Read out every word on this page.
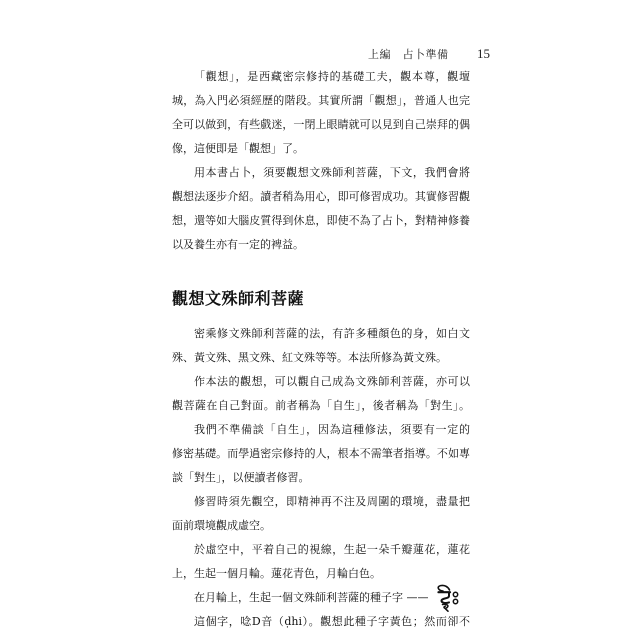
上編　占卜準備 15

「觀想」，是西藏密宗修持的基礎工夫，觀本尊，觀壇
城，為入門必須經歷的階段。其實所謂「觀想」，普通人也完
全可以做到，有些戲迷，一閉上眼睛就可以見到自己崇拜的偶
像，這便即是「觀想」了。

用本書占卜，須要觀想文殊師利菩薩，下文，我們會將
觀想法逐步介紹。讀者稍為用心，即可修習成功。其實修習觀
想，還等如大腦皮質得到休息，即使不為了占卜，對精神修養
以及養生亦有一定的裨益。

觀想文殊師利菩薩

密乘修文殊師利菩薩的法，有許多種顏色的身，如白文
殊、黃文殊、黑文殊、紅文殊等等。本法所修為黃文殊。

作本法的觀想，可以觀自己成為文殊師利菩薩，亦可以
觀菩薩在自己對面。前者稱為「自生」，後者稱為「對生」。

我們不準備談「自生」，因為這種修法，須要有一定的
修密基礎。而學過密宗修持的人，根本不需筆者指導。不如專
談「對生」，以便讀者修習。

修習時須先觀空，即精神再不注及周圍的環境，盡量把
面前環境觀成虛空。

於虛空中，平着自己的視線，生起一朵千瓣蓮花，蓮花
上，生起一個月輪。蓮花青色，月輪白色。

在月輪上，生起一個文殊師利菩薩的種子字 ——

這個字，唸D音（ḍhi）。觀想此種子字黃色；然而卻不
